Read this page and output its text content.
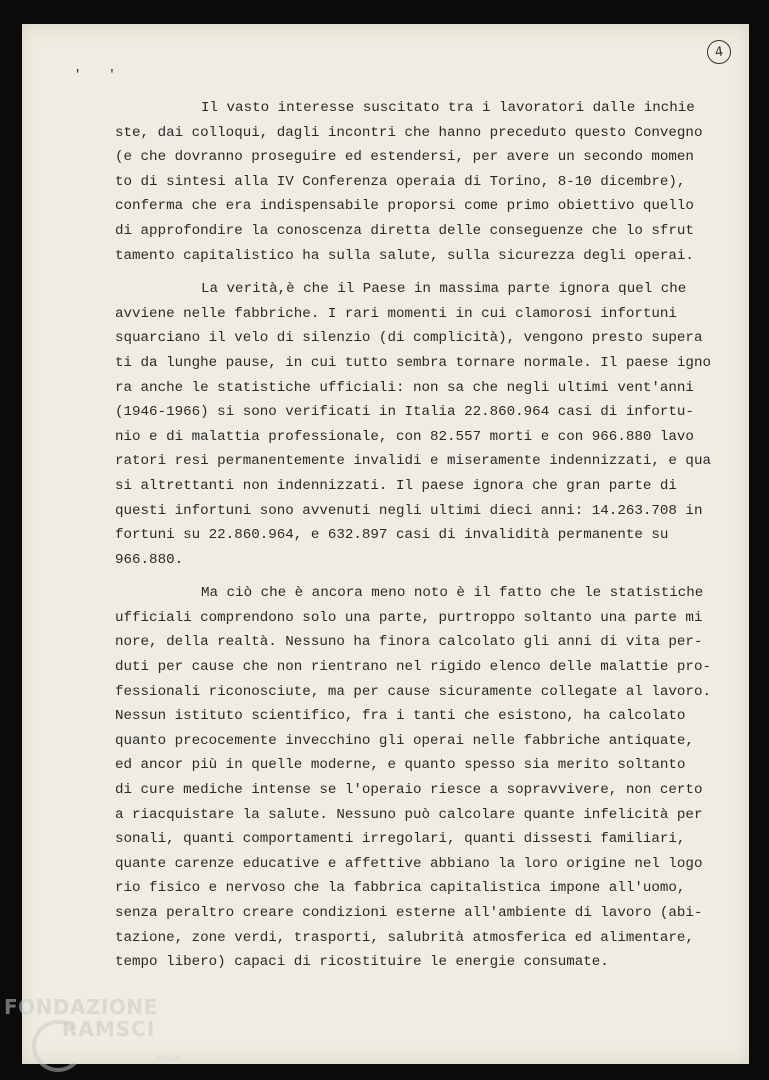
4
' '
Il vasto interesse suscitato tra i lavoratori dalle inchie
ste, dai colloqui, dagli incontri che hanno preceduto questo Convegno
(e che dovranno proseguire ed estendersi, per avere un secondo momen
to di sintesi alla IV Conferenza operaia di Torino, 8-10 dicembre),
conferma che era indispensabile proporsi come primo obiettivo quello
di approfondire la conoscenza diretta delle conseguenze che lo sfrut
tamento capitalistico ha sulla salute, sulla sicurezza degli operai.
La verità,è che il Paese in massima parte ignora quel che
avviene nelle fabbriche. I rari momenti in cui clamorosi infortuni
squarciano il velo di silenzio (di complicità), vengono presto supera
ti da lunghe pause, in cui tutto sembra tornare normale. Il paese igno
ra anche le statistiche ufficiali: non sa che negli ultimi vent'anni
(1946-1966) si sono verificati in Italia 22.860.964 casi di infortu-
nio e di malattia professionale, con 82.557 morti e con 966.880 lavo
ratori resi permanentemente invalidi e miseramente indennizzati, e qua
si altrettanti non indennizzati. Il paese ignora che gran parte di
questi infortuni sono avvenuti negli ultimi dieci anni: 14.263.708 in
fortuni su 22.860.964, e 632.897 casi di invalidità permanente su
966.880.
Ma ciò che è ancora meno noto è il fatto che le statistiche
ufficiali comprendono solo una parte, purtroppo soltanto una parte mi
nore, della realtà. Nessuno ha finora calcolato gli anni di vita per-
duti per cause che non rientrano nel rigido elenco delle malattie pro-
fessionali riconosciute, ma per cause sicuramente collegate al lavoro.
Nessun istituto scientifico, fra i tanti che esistono, ha calcolato
quanto precocemente invecchino gli operai nelle fabbriche antiquate,
ed ancor più in quelle moderne, e quanto spesso sia merito soltanto
di cure mediche intense se l'operaio riesce a sopravvivere, non certo
a riacquistare la salute. Nessuno può calcolare quante infelicità per
sonali, quanti comportamenti irregolari, quanti dissesti familiari,
quante carenze educative e affettive abbiano la loro origine nel logo
rio fisico e nervoso che la fabbrica capitalistica impone all'uomo,
senza peraltro creare condizioni esterne all'ambiente di lavoro (abi-
tazione, zone verdi, trasporti, salubrità atmosferica ed alimentare,
tempo libero) capaci di ricostituire le energie consumate.
FONDAZIONE
RAMSCI
onlus
